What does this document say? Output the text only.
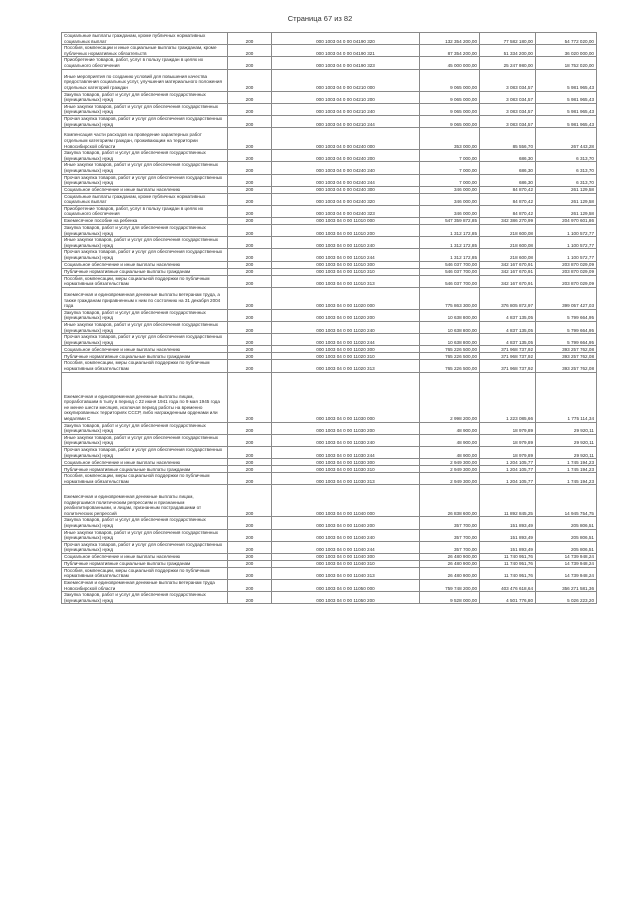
Страница 67 из 82
Социальные выплаты гражданам, кроме публичных нормативных социальных выплат	200	000 1003 04 0 00 04190 320	132 354 200,00	77 582 180,00	54 772 020,00
Пособия, компенсации и иные социальные выплаты гражданам, кроме публичных нормативных обязательств	200	000 1003 04 0 00 04190 321	87 354 200,00	51 334 200,00	36 020 000,00
Приобретение товаров, работ, услуг в пользу граждан в целях их социального обеспечения	200	000 1003 04 0 00 04190 323	45 000 000,00	25 247 980,00	18 752 020,00
Иные мероприятия по созданию условий для повышения качества предоставления социальных услуг, улучшения материального положения отдельных категорий граждан	200	000 1003 04 0 00 04210 000	9 065 000,00	3 083 034,57	5 981 965,43
Закупка товаров, работ и услуг для обеспечения государственных (муниципальных) нужд	200	000 1003 04 0 00 04210 200	9 065 000,00	3 083 034,57	5 981 965,43
Иные закупки товаров, работ и услуг для обеспечения государственных (муниципальных) нужд	200	000 1003 04 0 00 04210 240	9 065 000,00	3 083 034,57	5 981 965,43
Прочая закупка товаров, работ и услуг для обеспечения государственных (муниципальных) нужд	200	000 1003 04 0 00 04210 244	9 065 000,00	3 083 034,57	5 981 965,43
Компенсация части расходов на проведение характерных работ отдельным категориям граждан, проживающим на территории Новосибирской области	200	000 1003 04 0 00 04240 000	353 000,00	85 556,70	267 443,28
Закупка товаров, работ и услуг для обеспечения государственных (муниципальных) нужд	200	000 1003 04 0 00 04240 200	7 000,00	686,30	6 313,70
Иные закупки товаров, работ и услуг для обеспечения государственных (муниципальных) нужд	200	000 1003 04 0 00 04240 240	7 000,00	686,30	6 313,70
Прочая закупка товаров, работ и услуг для обеспечения государственных (муниципальных) нужд	200	000 1003 04 0 00 04240 244	7 000,00	686,30	6 313,70
Социальное обеспечение и иные выплаты населению	200	000 1003 04 0 00 04240 300	346 000,00	84 870,42	261 129,58
Социальные выплаты гражданам, кроме публичных нормативных социальных выплат	200	000 1003 04 0 00 04240 320	346 000,00	84 870,42	261 129,58
Приобретение товаров, работ, услуг в пользу граждан в целях их социального обеспечения	200	000 1003 04 0 00 04240 323	346 000,00	84 870,42	261 129,58
Ежемесячное пособие на ребенка	200	000 1003 04 0 00 11010 000	547 359 872,85	342 386 270,99	204 970 601,86
Закупка товаров, работ и услуг для обеспечения государственных (муниципальных) нужд	200	000 1003 04 0 00 11010 200	1 312 172,85	218 600,08	1 100 572,77
Иные закупки товаров, работ и услуг для обеспечения государственных (муниципальных) нужд	200	000 1003 04 0 00 11010 240	1 312 172,85	218 600,08	1 100 572,77
Прочая закупка товаров, работ и услуг для обеспечения государственных (муниципальных) нужд	200	000 1003 04 0 00 11010 244	1 312 172,85	218 600,08	1 100 572,77
Социальное обеспечение и иные выплаты населению	200	000 1003 04 0 00 11010 300	546 037 700,00	342 167 670,91	203 870 029,09
Публичные нормативные социальные выплаты гражданам	200	000 1003 04 0 00 11010 310	546 037 700,00	342 167 670,91	203 870 029,09
Пособия, компенсации, меры социальной поддержки по публичным нормативным обязательствам	200	000 1003 04 0 00 11010 313	546 037 700,00	342 167 670,91	203 870 029,09
Ежемесячная и единовременная денежные выплаты ветеранам труда, а также гражданам приравненным к ним по состоянию на 31 декабря 2004 года	200	000 1003 04 0 00 11020 000	775 863 300,00	376 805 872,97	399 057 427,03
Закупка товаров, работ и услуг для обеспечения государственных (муниципальных) нужд	200	000 1003 04 0 00 11020 200	10 638 800,00	4 837 135,05	5 799 664,95
Иные закупки товаров, работ и услуг для обеспечения государственных (муниципальных) нужд	200	000 1003 04 0 00 11020 240	10 638 800,00	4 837 135,05	5 799 664,95
Прочая закупка товаров, работ и услуг для обеспечения государственных (муниципальных) нужд	200	000 1003 04 0 00 11020 244	10 638 800,00	4 837 135,05	5 799 664,95
Социальное обеспечение и иные выплаты населению	200	000 1003 04 0 00 11020 300	765 226 500,00	371 968 737,92	393 257 762,08
Публичные нормативные социальные выплаты гражданам	200	000 1003 04 0 00 11020 310	765 226 500,00	371 968 737,92	393 257 762,08
Пособия, компенсации, меры социальной поддержки по публичным нормативным обязательствам	200	000 1003 04 0 00 11020 313	765 226 500,00	371 968 737,92	393 257 762,08
Ежемесячная и единовременная денежные выплаты лицам, проработавшим в тылу в период с 22 июня 1941 года по 9 мая 1945 года не менее шести месяцев, исключая период работы на временно оккупированных территориях СССР, либо награжденным орденами или медалями С	200	000 1003 04 0 00 11030 000	2 998 200,00	1 223 085,66	1 775 114,34
Закупка товаров, работ и услуг для обеспечения государственных (муниципальных) нужд	200	000 1003 04 0 00 11030 200	48 900,00	18 979,89	29 920,11
Иные закупки товаров, работ и услуг для обеспечения государственных (муниципальных) нужд	200	000 1003 04 0 00 11030 240	48 900,00	18 979,89	29 920,11
Прочая закупка товаров, работ и услуг для обеспечения государственных (муниципальных) нужд	200	000 1003 04 0 00 11030 244	48 900,00	18 979,89	29 920,11
Социальное обеспечение и иные выплаты населению	200	000 1003 04 0 00 11030 300	2 949 300,00	1 204 105,77	1 745 194,23
Публичные нормативные социальные выплаты гражданам	200	000 1003 04 0 00 11030 310	2 949 300,00	1 204 105,77	1 745 194,23
Пособия, компенсации, меры социальной поддержки по публичным нормативным обязательствам	200	000 1003 04 0 00 11030 313	2 949 300,00	1 204 105,77	1 745 194,23
Ежемесячная и единовременная денежные выплаты лицам, подвергшимся политическим репрессиям и признанным реабилитированными, и лицам, признанным пострадавшими от политических репрессий	200	000 1003 04 0 00 11040 000	26 838 600,00	11 892 845,25	14 945 754,75
Закупка товаров, работ и услуг для обеспечения государственных (муниципальных) нужд	200	000 1003 04 0 00 11040 200	357 700,00	151 893,49	205 806,51
Иные закупки товаров, работ и услуг для обеспечения государственных (муниципальных) нужд	200	000 1003 04 0 00 11040 240	357 700,00	151 893,49	205 806,51
Прочая закупка товаров, работ и услуг для обеспечения государственных (муниципальных) нужд	200	000 1003 04 0 00 11040 244	357 700,00	151 893,49	205 806,51
Социальное обеспечение и иные выплаты населению	200	000 1003 04 0 00 11040 300	26 480 900,00	11 740 951,76	14 739 948,24
Публичные нормативные социальные выплаты гражданам	200	000 1003 04 0 00 11040 310	26 480 900,00	11 740 951,76	14 739 948,24
Пособия, компенсации, меры социальной поддержки по публичным нормативным обязательствам	200	000 1003 04 0 00 11040 313	26 480 900,00	11 740 951,76	14 739 948,24
Ежемесячная и единовременная денежные выплаты ветеранам труда Новосибирской области	200	000 1003 04 0 00 11050 000	759 748 200,00	403 476 618,64	356 271 581,36
Закупка товаров, работ и услуг для обеспечения государственных (муниципальных) нужд	200	000 1003 04 0 00 11050 200	9 528 000,00	4 501 776,80	5 026 223,20
